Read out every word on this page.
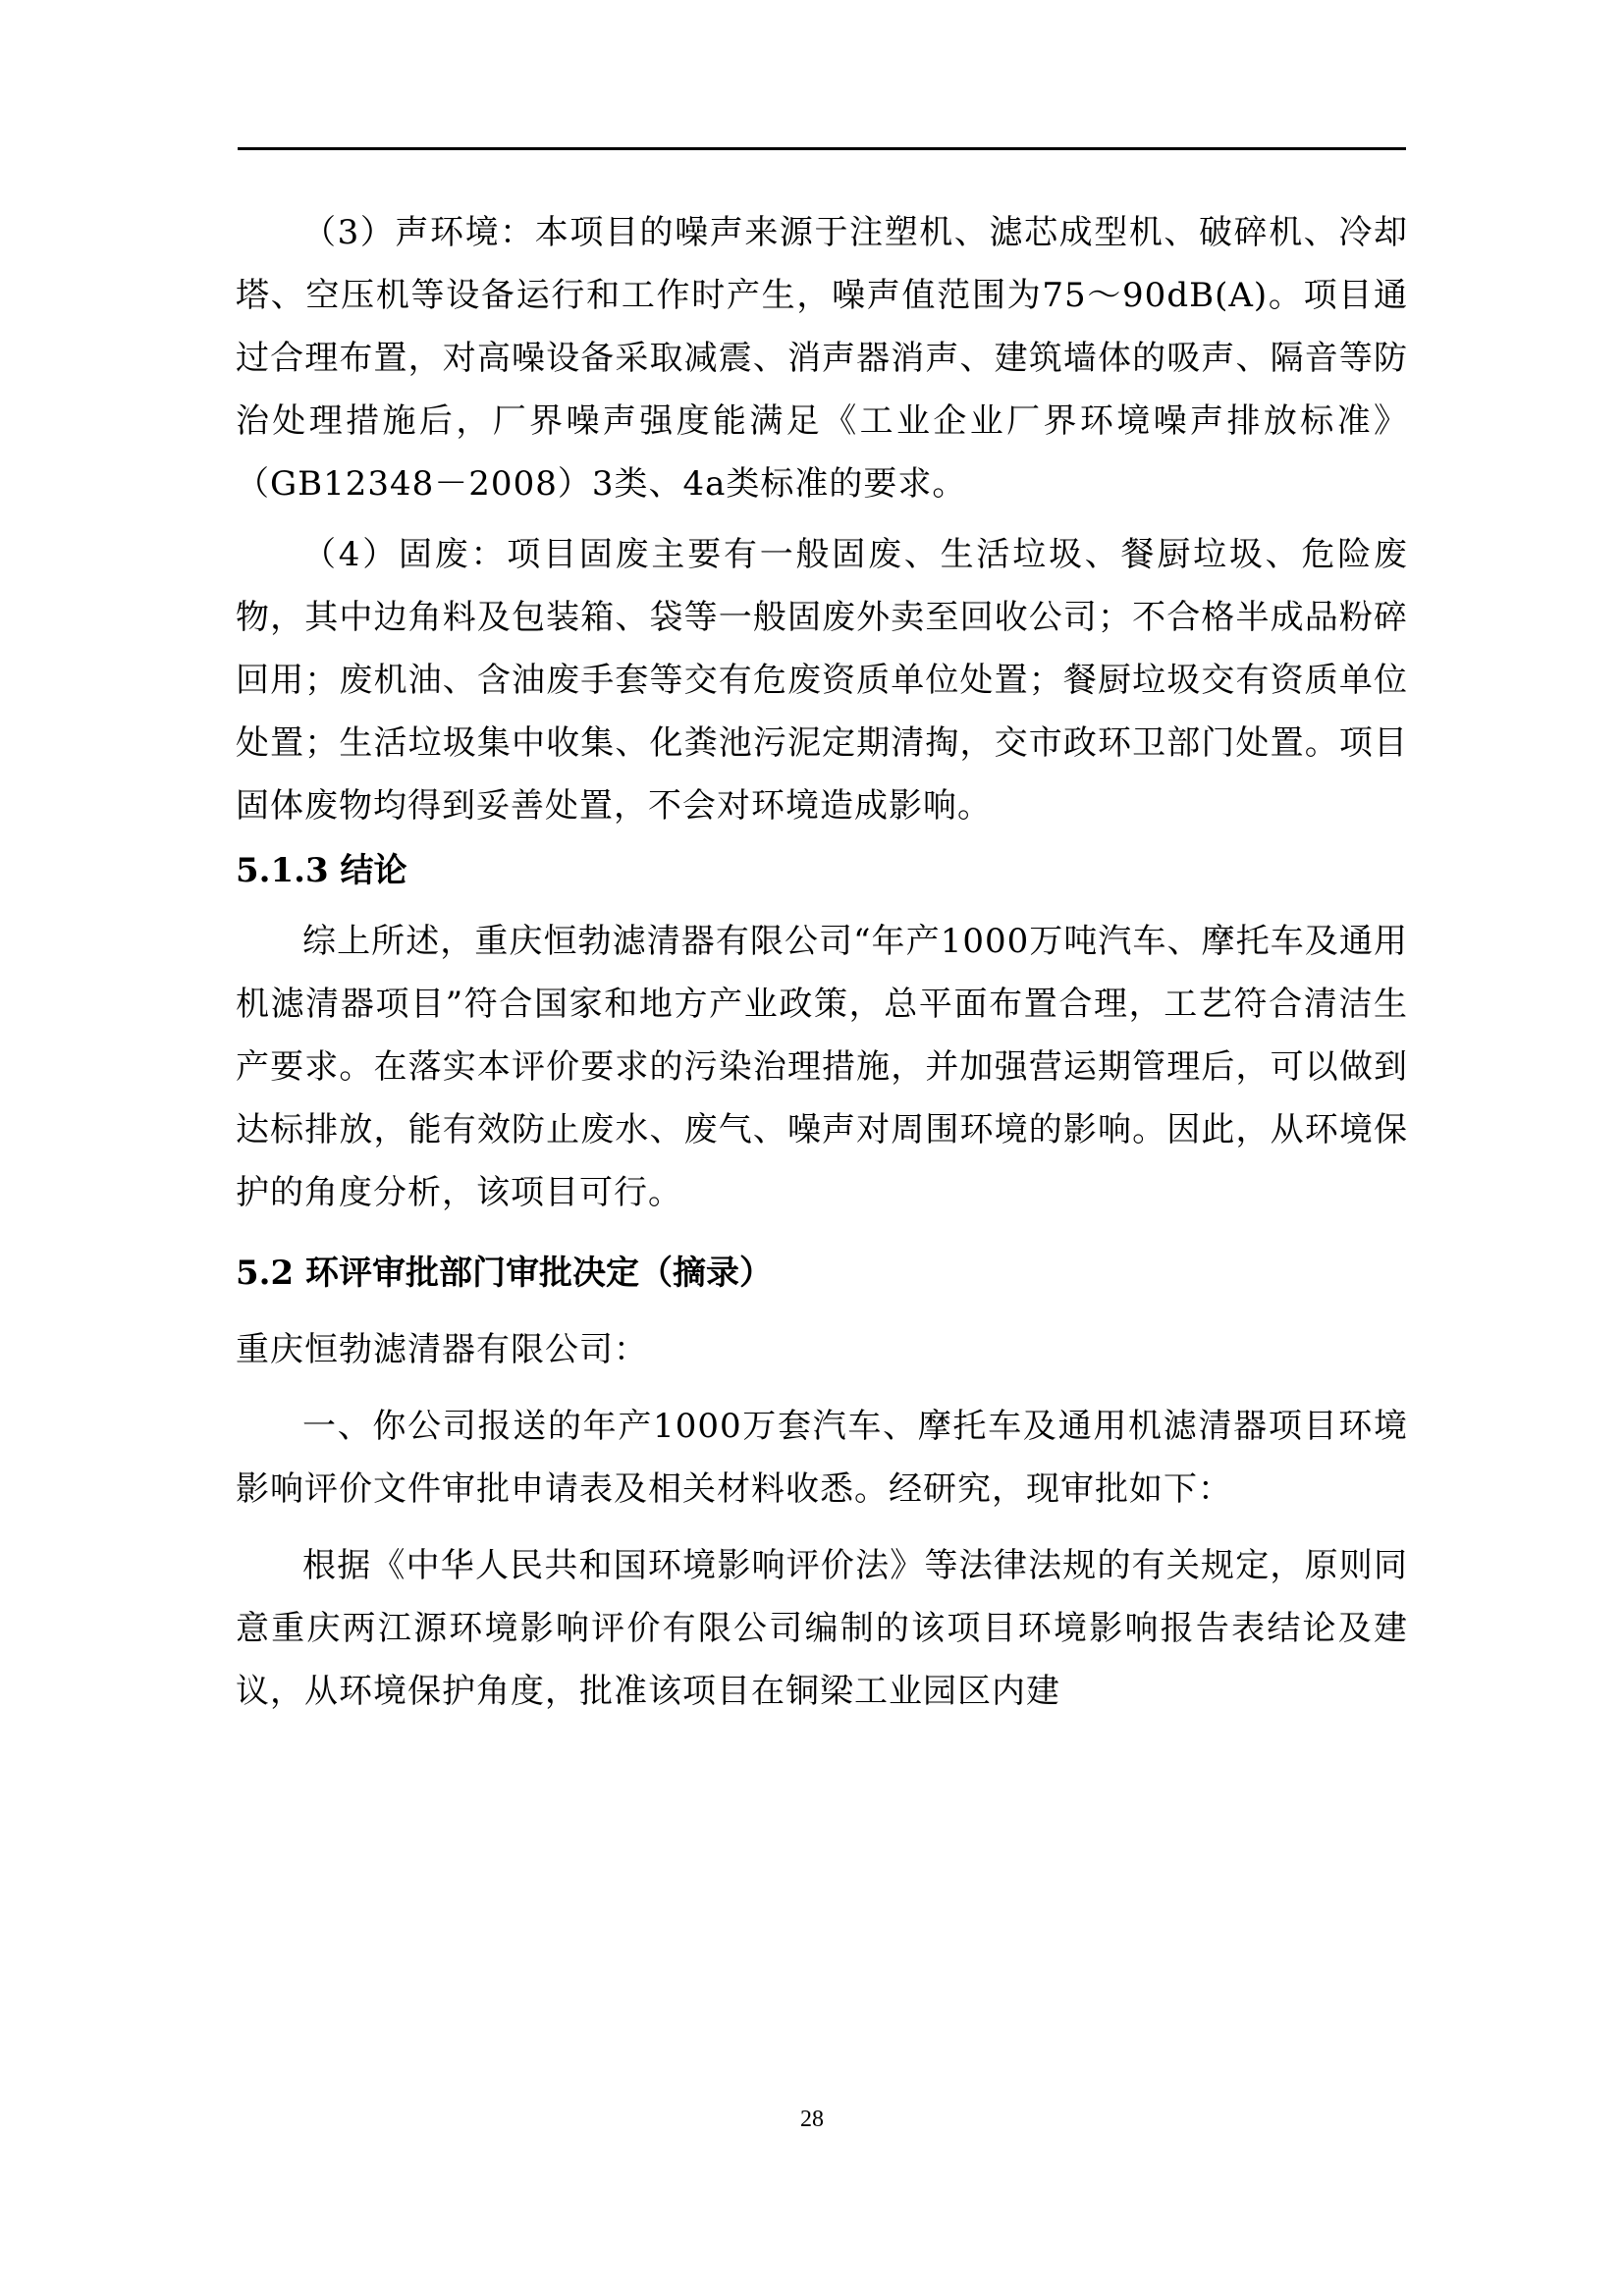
（3）声环境：本项目的噪声来源于注塑机、滤芯成型机、破碎机、冷却塔、空压机等设备运行和工作时产生，噪声值范围为75～90dB(A)。项目通过合理布置，对高噪设备采取减震、消声器消声、建筑墙体的吸声、隔音等防治处理措施后，厂界噪声强度能满足《工业企业厂界环境噪声排放标准》（GB12348－2008）3类、4a类标准的要求。

（4）固废：项目固废主要有一般固废、生活垃圾、餐厨垃圾、危险废物，其中边角料及包装箱、袋等一般固废外卖至回收公司；不合格半成品粉碎回用；废机油、含油废手套等交有危废资质单位处置；餐厨垃圾交有资质单位处置；生活垃圾集中收集、化粪池污泥定期清掏，交市政环卫部门处置。项目固体废物均得到妥善处置，不会对环境造成影响。

5.1.3 结论

综上所述，重庆恒勃滤清器有限公司“年产1000万吨汽车、摩托车及通用机滤清器项目”符合国家和地方产业政策，总平面布置合理，工艺符合清洁生产要求。在落实本评价要求的污染治理措施，并加强营运期管理后，可以做到达标排放，能有效防止废水、废气、噪声对周围环境的影响。因此，从环境保护的角度分析，该项目可行。

5.2 环评审批部门审批决定（摘录）

重庆恒勃滤清器有限公司：

一、你公司报送的年产1000万套汽车、摩托车及通用机滤清器项目环境影响评价文件审批申请表及相关材料收悉。经研究，现审批如下：

根据《中华人民共和国环境影响评价法》等法律法规的有关规定，原则同意重庆两江源环境影响评价有限公司编制的该项目环境影响报告表结论及建议，从环境保护角度，批准该项目在铜梁工业园区内建

28
